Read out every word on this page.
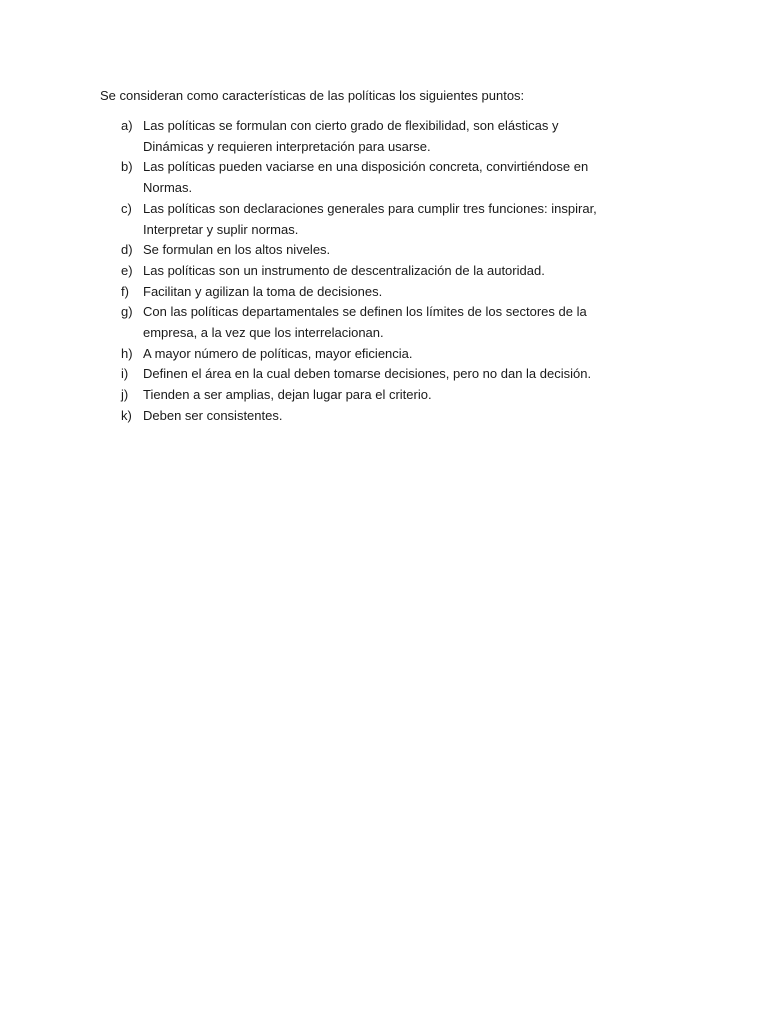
Se consideran como características de las políticas los siguientes puntos:

a) Las políticas se formulan con cierto grado de flexibilidad, son elásticas y Dinámicas y requieren interpretación para usarse.
b) Las políticas pueden vaciarse en una disposición concreta, convirtiéndose en Normas.
c) Las políticas son declaraciones generales para cumplir tres funciones: inspirar, Interpretar y suplir normas.
d) Se formulan en los altos niveles.
e) Las políticas son un instrumento de descentralización de la autoridad.
f)	Facilitan y agilizan la toma de decisiones.
g) Con las políticas departamentales se definen los límites de los sectores de la empresa, a la vez que los interrelacionan.
h) A mayor número de políticas, mayor eficiencia.
i)	Definen el área en la cual deben tomarse decisiones, pero no dan la decisión.
j)	Tienden a ser amplias, dejan lugar para el criterio.
k) Deben ser consistentes.
